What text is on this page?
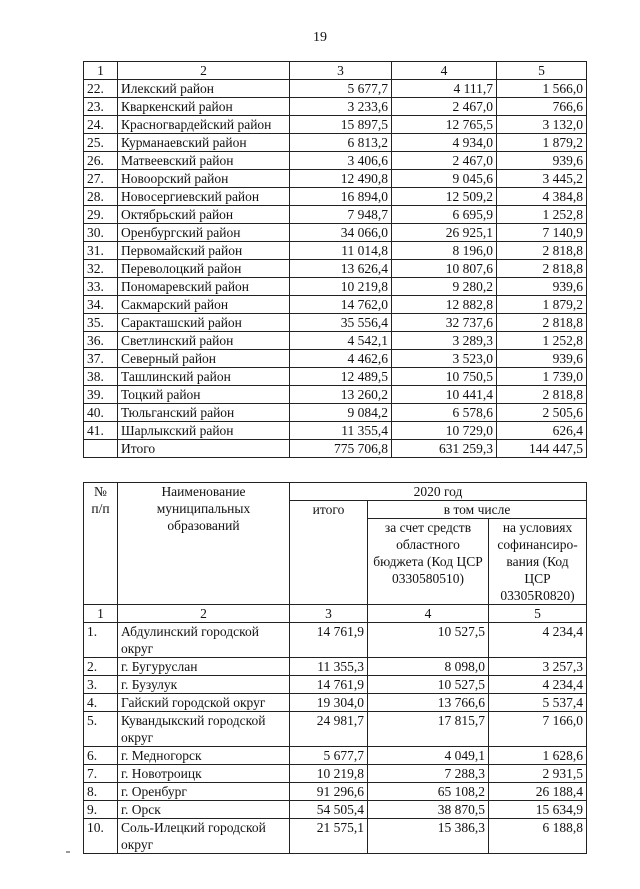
19
1	2	3	4	5
22.	Илекский район	5 677,7	4 111,7	1 566,0
23.	Кваркенский район	3 233,6	2 467,0	766,6
24.	Красногвардейский район	15 897,5	12 765,5	3 132,0
25.	Курманаевский район	6 813,2	4 934,0	1 879,2
26.	Матвеевский район	3 406,6	2 467,0	939,6
27.	Новоорский район	12 490,8	9 045,6	3 445,2
28.	Новосергиевский район	16 894,0	12 509,2	4 384,8
29.	Октябрьский район	7 948,7	6 695,9	1 252,8
30.	Оренбургский район	34 066,0	26 925,1	7 140,9
31.	Первомайский район	11 014,8	8 196,0	2 818,8
32.	Переволоцкий район	13 626,4	10 807,6	2 818,8
33.	Пономаревский район	10 219,8	9 280,2	939,6
34.	Сакмарский район	14 762,0	12 882,8	1 879,2
35.	Саракташский район	35 556,4	32 737,6	2 818,8
36.	Светлинский район	4 542,1	3 289,3	1 252,8
37.	Северный район	4 462,6	3 523,0	939,6
38.	Ташлинский район	12 489,5	10 750,5	1 739,0
39.	Тоцкий район	13 260,2	10 441,4	2 818,8
40.	Тюльганский район	9 084,2	6 578,6	2 505,6
41.	Шарлыкский район	11 355,4	10 729,0	626,4
	Итого	775 706,8	631 259,3	144 447,5
№ п/п	Наименование муниципальных образований	2020 год		
		итого	в том числе	
			за счет средств областного бюджета (Код ЦСР 0330580510)	на условиях софинансиро-вания (Код ЦСР 03305R0820)
1	2	3	4	5
1.	Абдулинский городской округ	14 761,9	10 527,5	4 234,4
2.	г. Бугуруслан	11 355,3	8 098,0	3 257,3
3.	г. Бузулук	14 761,9	10 527,5	4 234,4
4.	Гайский городской округ	19 304,0	13 766,6	5 537,4
5.	Кувандыкский городской округ	24 981,7	17 815,7	7 166,0
6.	г. Медногорск	5 677,7	4 049,1	1 628,6
7.	г. Новотроицк	10 219,8	7 288,3	2 931,5
8.	г. Оренбург	91 296,6	65 108,2	26 188,4
9.	г. Орск	54 505,4	38 870,5	15 634,9
10.	Соль-Илецкий городской округ	21 575,1	15 386,3	6 188,8
